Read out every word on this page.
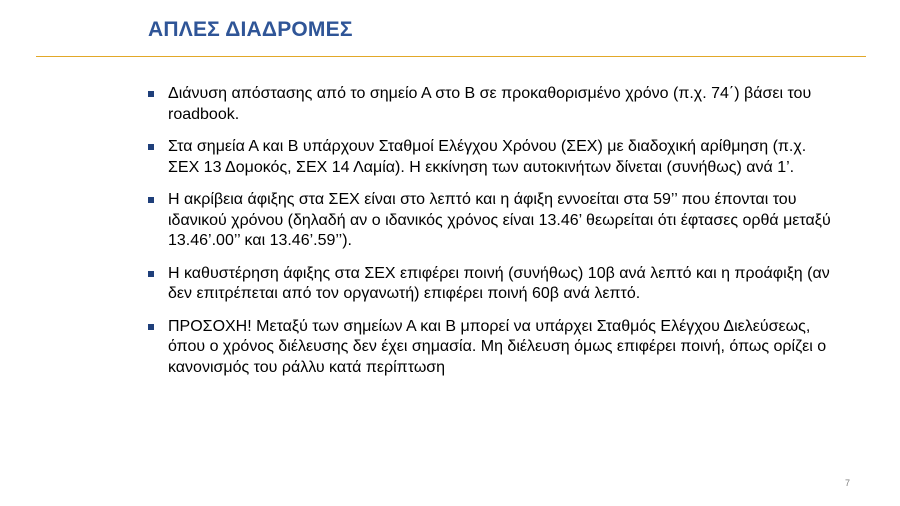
ΑΠΛΕΣ ΔΙΑΔΡΟΜΕΣ
Διάνυση απόστασης από το σημείο Α στο Β σε προκαθορισμένο χρόνο (π.χ. 74΄) βάσει του roadbook.
Στα σημεία Α και Β υπάρχουν Σταθμοί Ελέγχου Χρόνου (ΣΕΧ) με διαδοχική αρίθμηση (π.χ. ΣΕΧ 13 Δομοκός, ΣΕΧ 14 Λαμία). Η εκκίνηση των αυτοκινήτων δίνεται (συνήθως) ανά 1’.
Η ακρίβεια άφιξης στα ΣΕΧ είναι στο λεπτό και η άφιξη εννοείται στα 59’’ που έπονται του ιδανικού χρόνου (δηλαδή αν ο ιδανικός χρόνος είναι 13.46’ θεωρείται ότι έφτασες ορθά μεταξύ 13.46’.00’’ και 13.46’.59’’).
Η καθυστέρηση άφιξης στα ΣΕΧ επιφέρει ποινή (συνήθως) 10β ανά λεπτό και η προάφιξη (αν δεν επιτρέπεται από τον οργανωτή) επιφέρει ποινή 60β ανά λεπτό.
ΠΡΟΣΟΧΗ! Μεταξύ των σημείων Α και Β μπορεί να υπάρχει Σταθμός Ελέγχου Διελεύσεως, όπου ο χρόνος διέλευσης δεν έχει σημασία. Μη διέλευση όμως επιφέρει ποινή, όπως ορίζει ο κανονισμός του ράλλυ κατά περίπτωση
7
